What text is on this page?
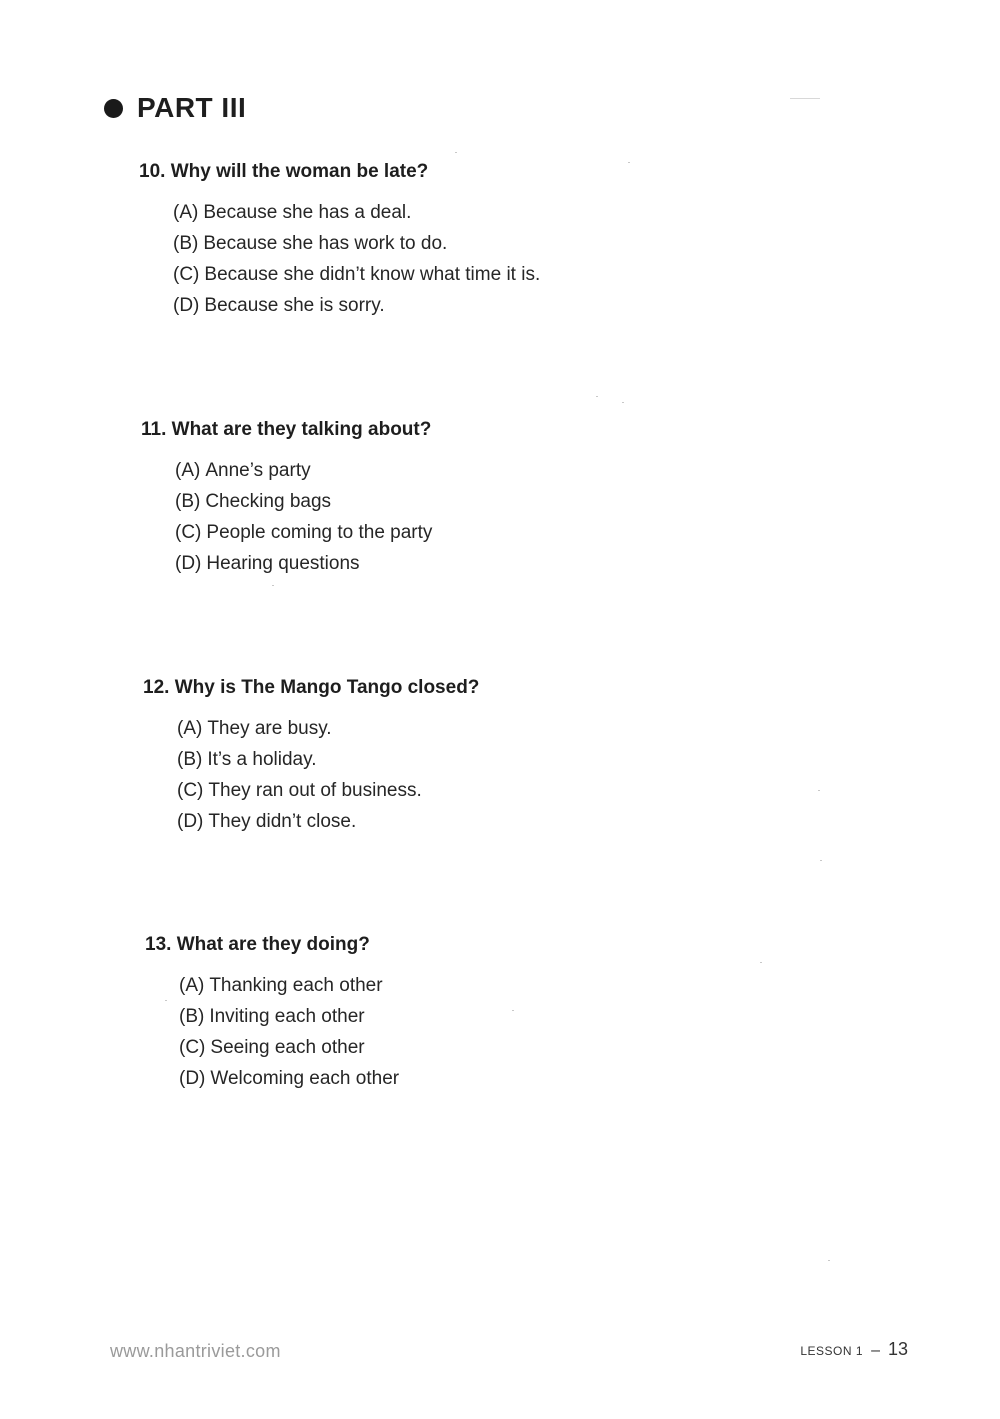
PART III
10. Why will the woman be late?
(A) Because she has a deal.
(B) Because she has work to do.
(C) Because she didn’t know what time it is.
(D) Because she is sorry.
11. What are they talking about?
(A) Anne’s party
(B) Checking bags
(C) People coming to the party
(D) Hearing questions
12. Why is The Mango Tango closed?
(A) They are busy.
(B) It’s a holiday.
(C) They ran out of business.
(D) They didn’t close.
13. What are they doing?
(A) Thanking each other
(B) Inviting each other
(C) Seeing each other
(D) Welcoming each other
www.nhantriviet.com	LESSON 1 – 13
